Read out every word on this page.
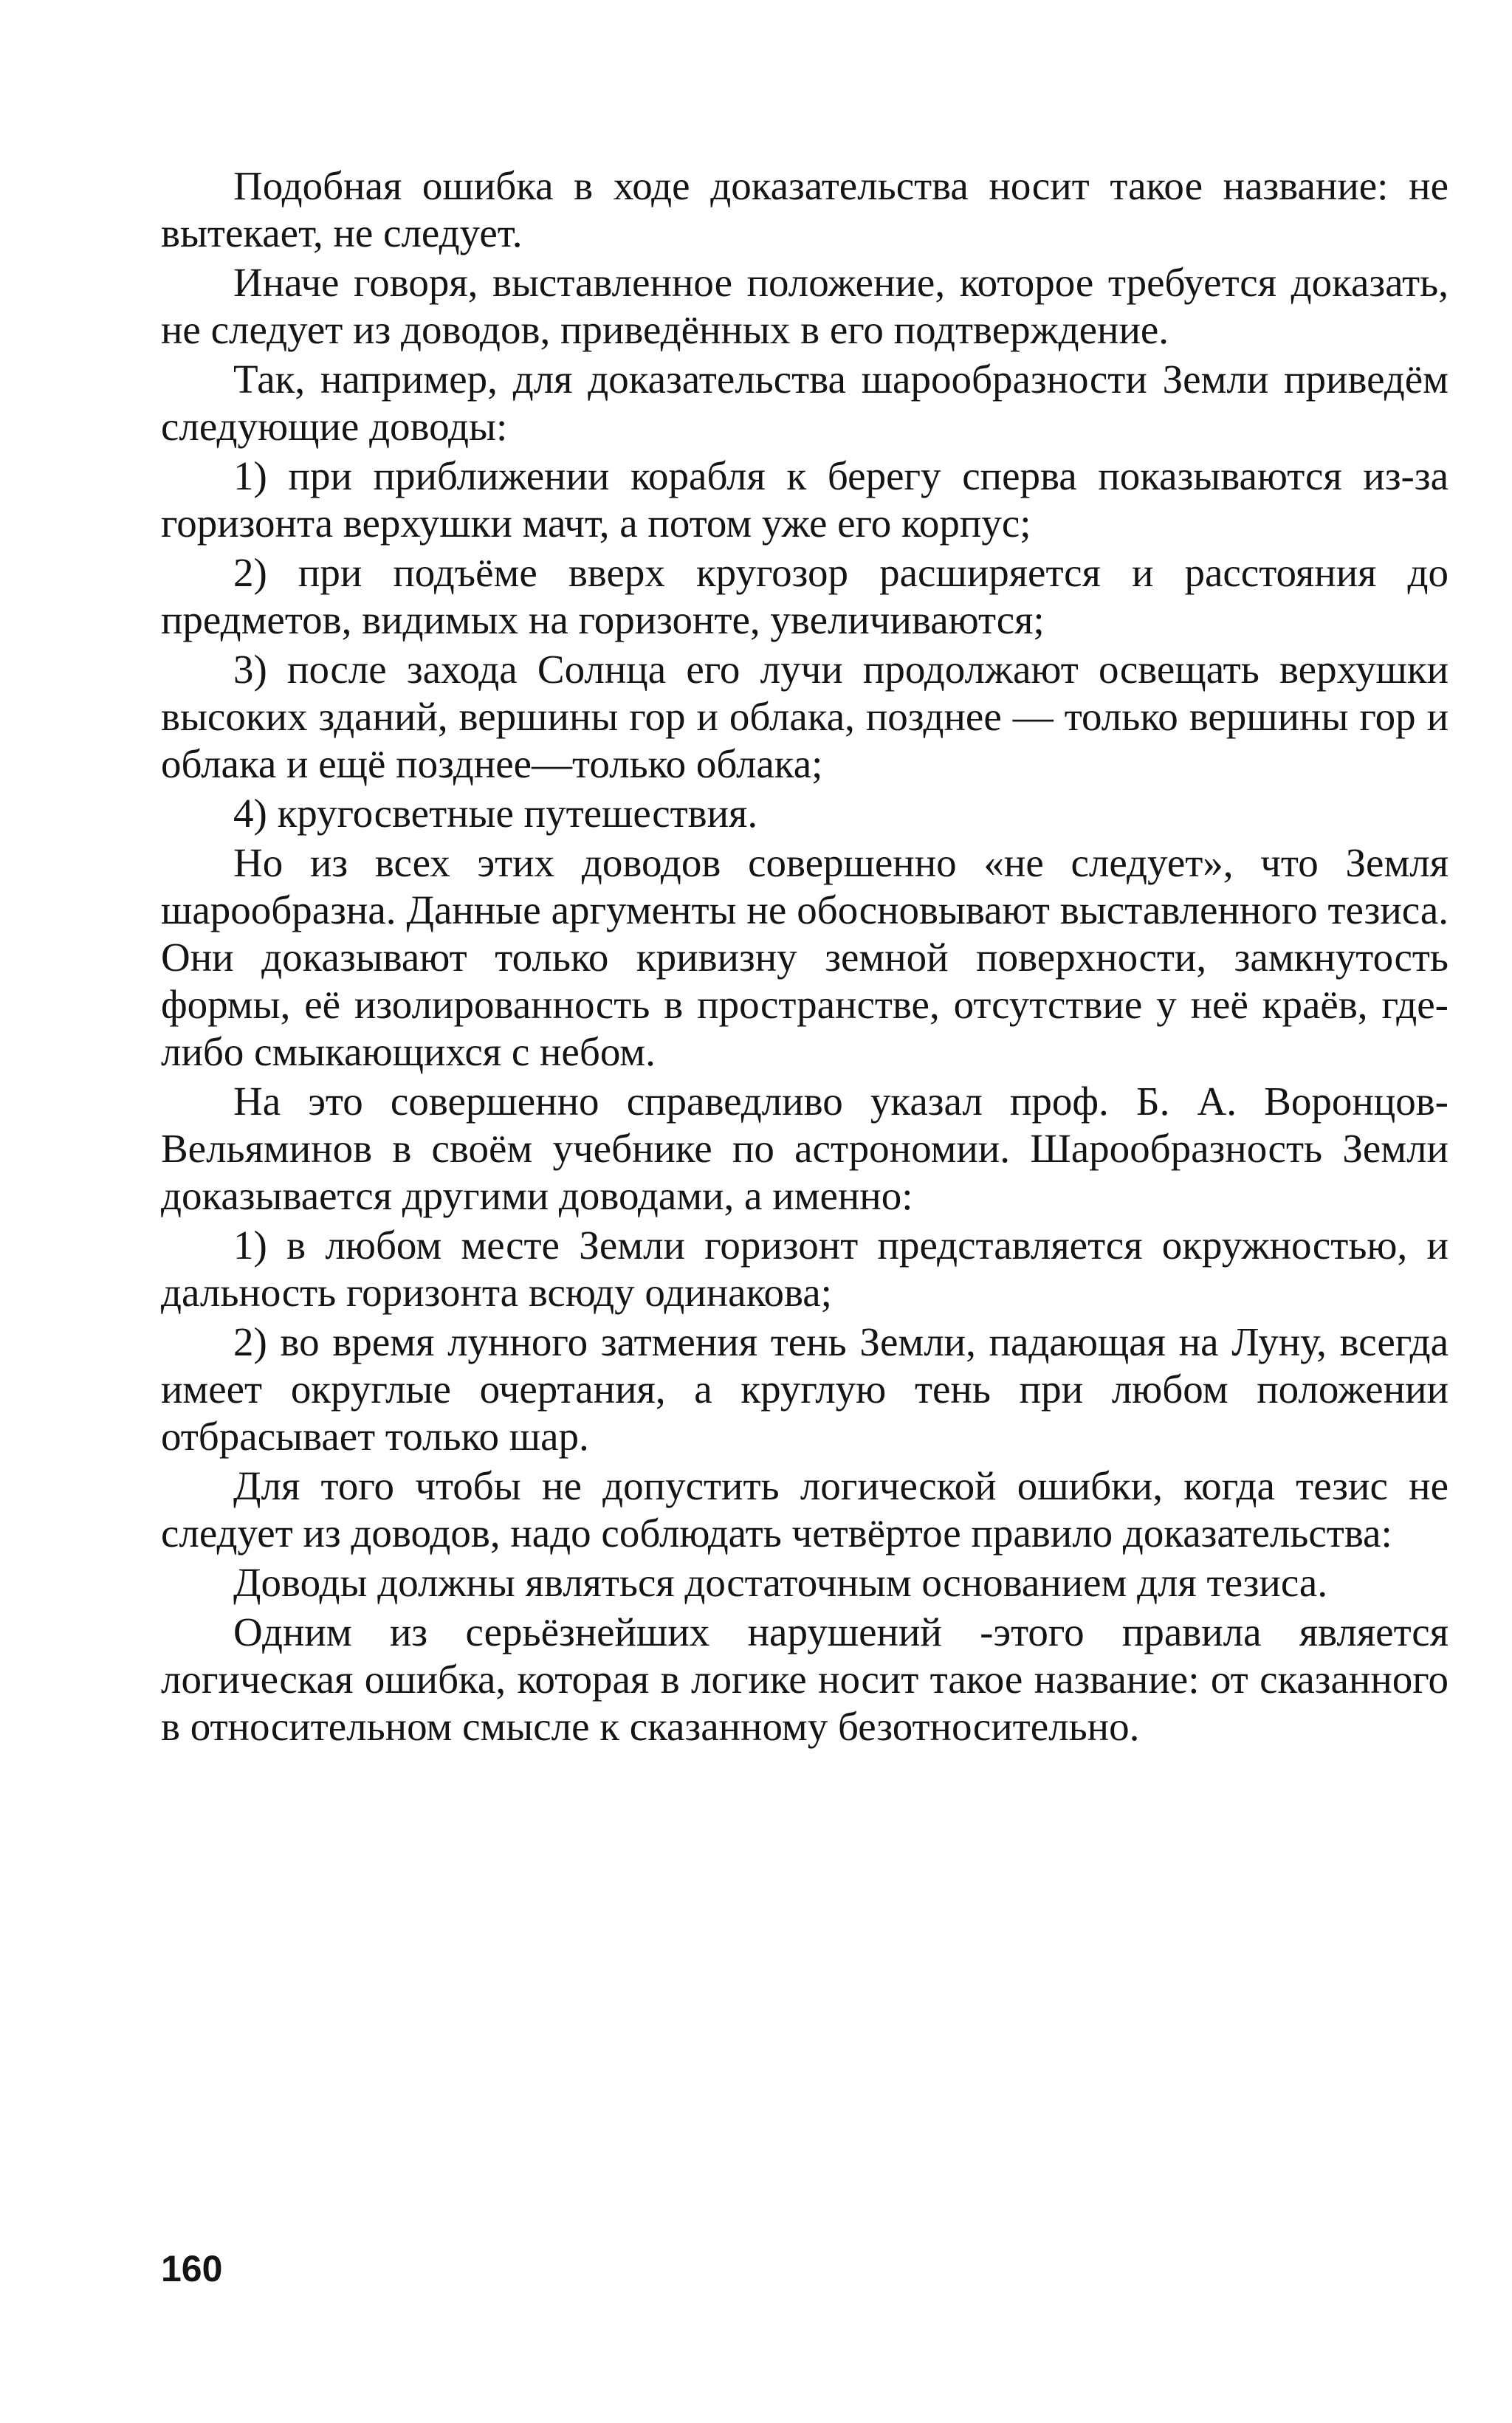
Подобная ошибка в ходе доказательства носит такое название: не вытекает, не следует.

Иначе говоря, выставленное положение, которое требуется доказать, не следует из доводов, приведённых в его подтверждение.

Так, например, для доказательства шарообразности Земли приведём следующие доводы:

1) при приближении корабля к берегу сперва показываются из-за горизонта верхушки мачт, а потом уже его корпус;

2) при подъёме вверх кругозор расширяется и расстояния до предметов, видимых на горизонте, увеличиваются;

3) после захода Солнца его лучи продолжают освещать верхушки высоких зданий, вершины гор и облака, позднее — только вершины гор и облака и ещё позднее—только облака;

4) кругосветные путешествия.

Но из всех этих доводов совершенно «не следует», что Земля шарообразна. Данные аргументы не обосновывают выставленного тезиса. Они доказывают только кривизну земной поверхности, замкнутость формы, её изолированность в пространстве, отсутствие у неё краёв, где-либо смыкающихся с небом.

На это совершенно справедливо указал проф. Б. А. Воронцов-Вельяминов в своём учебнике по астрономии. Шарообразность Земли доказывается другими доводами, а именно:

1) в любом месте Земли горизонт представляется окружностью, и дальность горизонта всюду одинакова;

2) во время лунного затмения тень Земли, падающая на Луну, всегда имеет округлые очертания, а круглую тень при любом положении отбрасывает только шар.

Для того чтобы не допустить логической ошибки, когда тезис не следует из доводов, надо соблюдать четвёртое правило доказательства:

Доводы должны являться достаточным основанием для тезиса.

Одним из серьёзнейших нарушений -этого правила является логическая ошибка, которая в логике носит такое название: от сказанного в относительном смысле к сказанному безотносительно.

160
